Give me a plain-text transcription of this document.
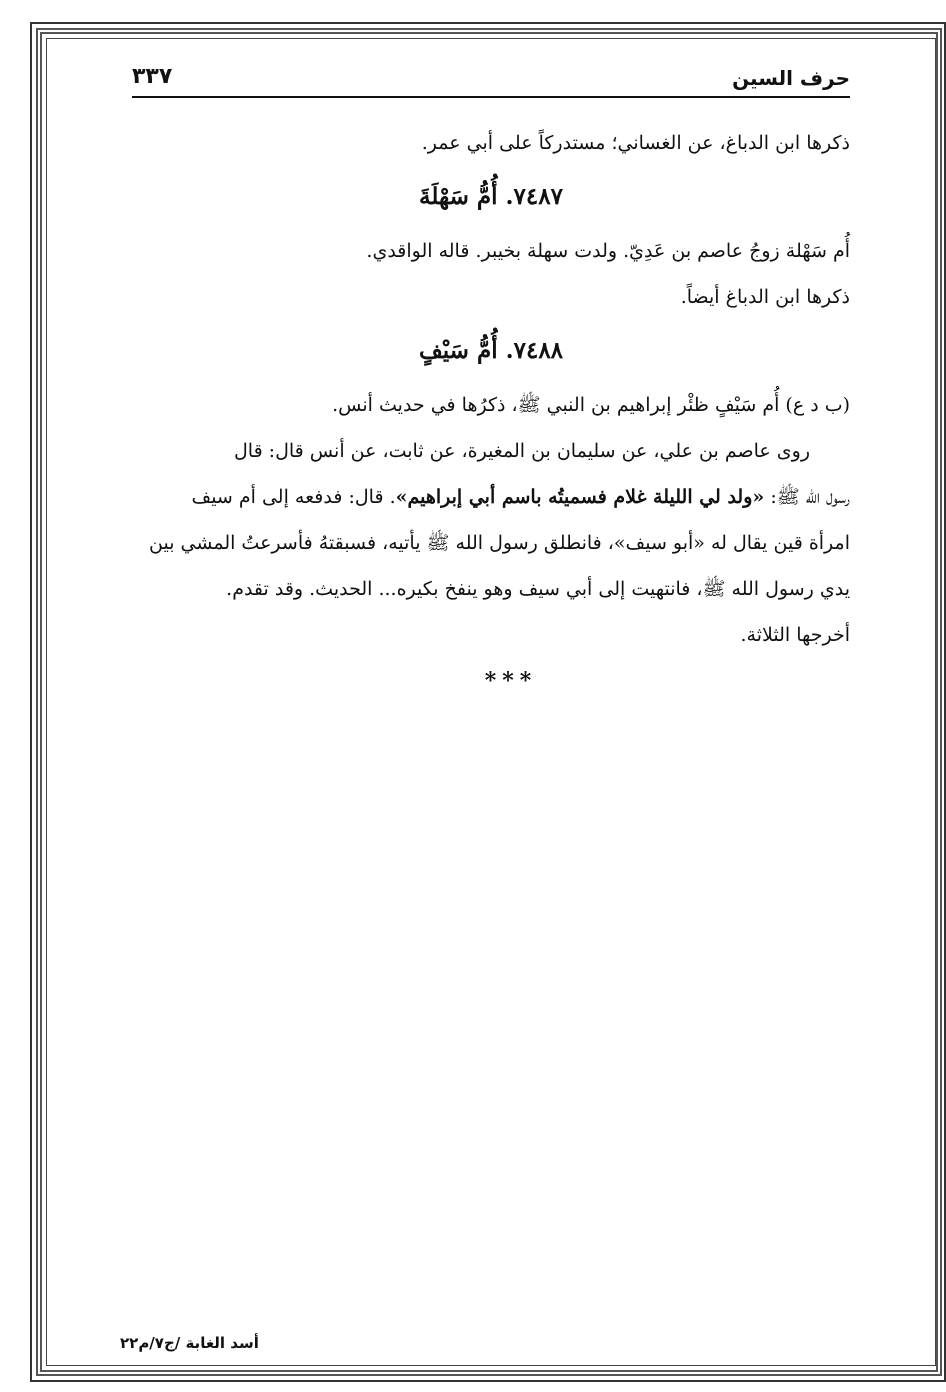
حرف السين
٣٣٧
ذكرها ابن الدباغ، عن الغساني؛ مستدركاً على أبي عمر.
٧٤٨٧. أُمُّ سَهْلَةَ
أُم سَهْلة زوجُ عاصم بن عَدِيّ. ولدت سهلة بخيبر. قاله الواقدي.
ذكرها ابن الدباغ أيضاً.
٧٤٨٨. أُمُّ سَيْفٍ
(ب د ع) أُم سَيْفٍ ظئْر إبراهيم بن النبي ﷺ، ذكرُها في حديث أنس.
روى عاصم بن علي، عن سليمان بن المغيرة، عن ثابت، عن أنس قال: قال
رسول الله ﷺ: «ولد لي الليلة غلام فسميتُه باسم أبي إبراهيم». قال: فدفعه إلى أم سيف
امرأة قين يقال له «أبو سيف»، فانطلق رسول الله ﷺ يأتيه، فسبقتهُ فأسرعتُ المشي بين
يدي رسول الله ﷺ، فانتهيت إلى أبي سيف وهو ينفخ بكيره... الحديث. وقد تقدم.
أخرجها الثلاثة.
***
أسد الغابة /ج٧/م٢٢
